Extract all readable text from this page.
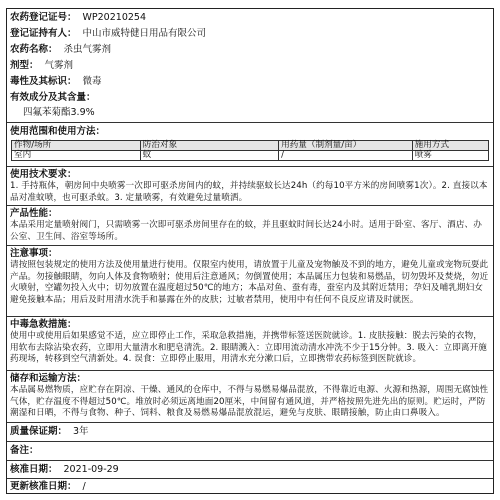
农药登记证号： WP20210254
登记证持有人： 中山市威特健日用品有限公司
农药名称： 杀虫气雾剂
剂型： 气雾剂
毒性及其标识： 微毒
有效成分及其含量：
四氟苯菊酯3.9%
使用范围和使用方法：
作物/场所	防治对象	用药量（制剂量/亩）	施用方式
室内	蚊	/	喷雾
使用技术要求：
1. 手持瓶体，朝房间中央喷雾一次即可驱杀房间内的蚊，并持续驱蚊长达24h（约每10平方米的房间喷雾1次）。2. 直接以本品对准蚊喷，也可驱杀蚊。3. 定量喷雾，有效避免过量喷洒。
产品性能：
本品采用定量喷射阀门，只需喷雾一次即可驱杀房间里存在的蚊，并且驱蚊时间长达24小时。适用于卧室、客厅、酒店、办公室、卫生间、浴室等场所。
注意事项：
请按照包装规定的使用方法及使用量进行使用。仅限室内使用，请放置于儿童及宠物触及不到的地方，避免儿童或宠物玩耍此产品。勿接触眼睛，勿向人体及食物喷射；使用后注意通风；勿倒置使用；本品属压力包装和易燃品，切勿毁坏及焚烧，勿近火喷射，空罐勿投入火中；切勿放置在温度超过50℃的地方；本品对鱼、蚕有毒，蚕室内及其附近禁用；孕妇及哺乳期妇女避免接触本品；用后及时用清水洗手和暴露在外的皮肤；过敏者禁用，使用中有任何不良反应请及时就医。
中毒急救措施：
使用中或使用后如果感觉不适，应立即停止工作，采取急救措施，并携带标签送医院就诊。1. 皮肤接触：脱去污染的衣物，用软布去除沾染农药，立即用大量清水和肥皂清洗。2. 眼睛溅入：立即用流动清水冲洗不少于15分钟。3. 吸入：立即离开施药现场，转移到空气清新处。4. 误食：立即停止服用，用清水充分漱口后，立即携带农药标签到医院就诊。
储存和运输方法：
本品属易燃物质，应贮存在阴凉、干燥、通风的仓库中，不得与易燃易爆品混放，不得靠近电源、火源和热源，周围无腐蚀性气体，贮存温度不得超过50℃。堆放时必须远离地面20厘米，中间留有通风道，并严格按照先进先出的原则。贮运时，严防潮湿和日晒，不得与食物、种子、饲料、粮食及易燃易爆品混放混运，避免与皮肤、眼睛接触，防止由口鼻吸入。
质量保证期： 3年
备注：
核准日期： 2021-09-29
更新核准日期： /
